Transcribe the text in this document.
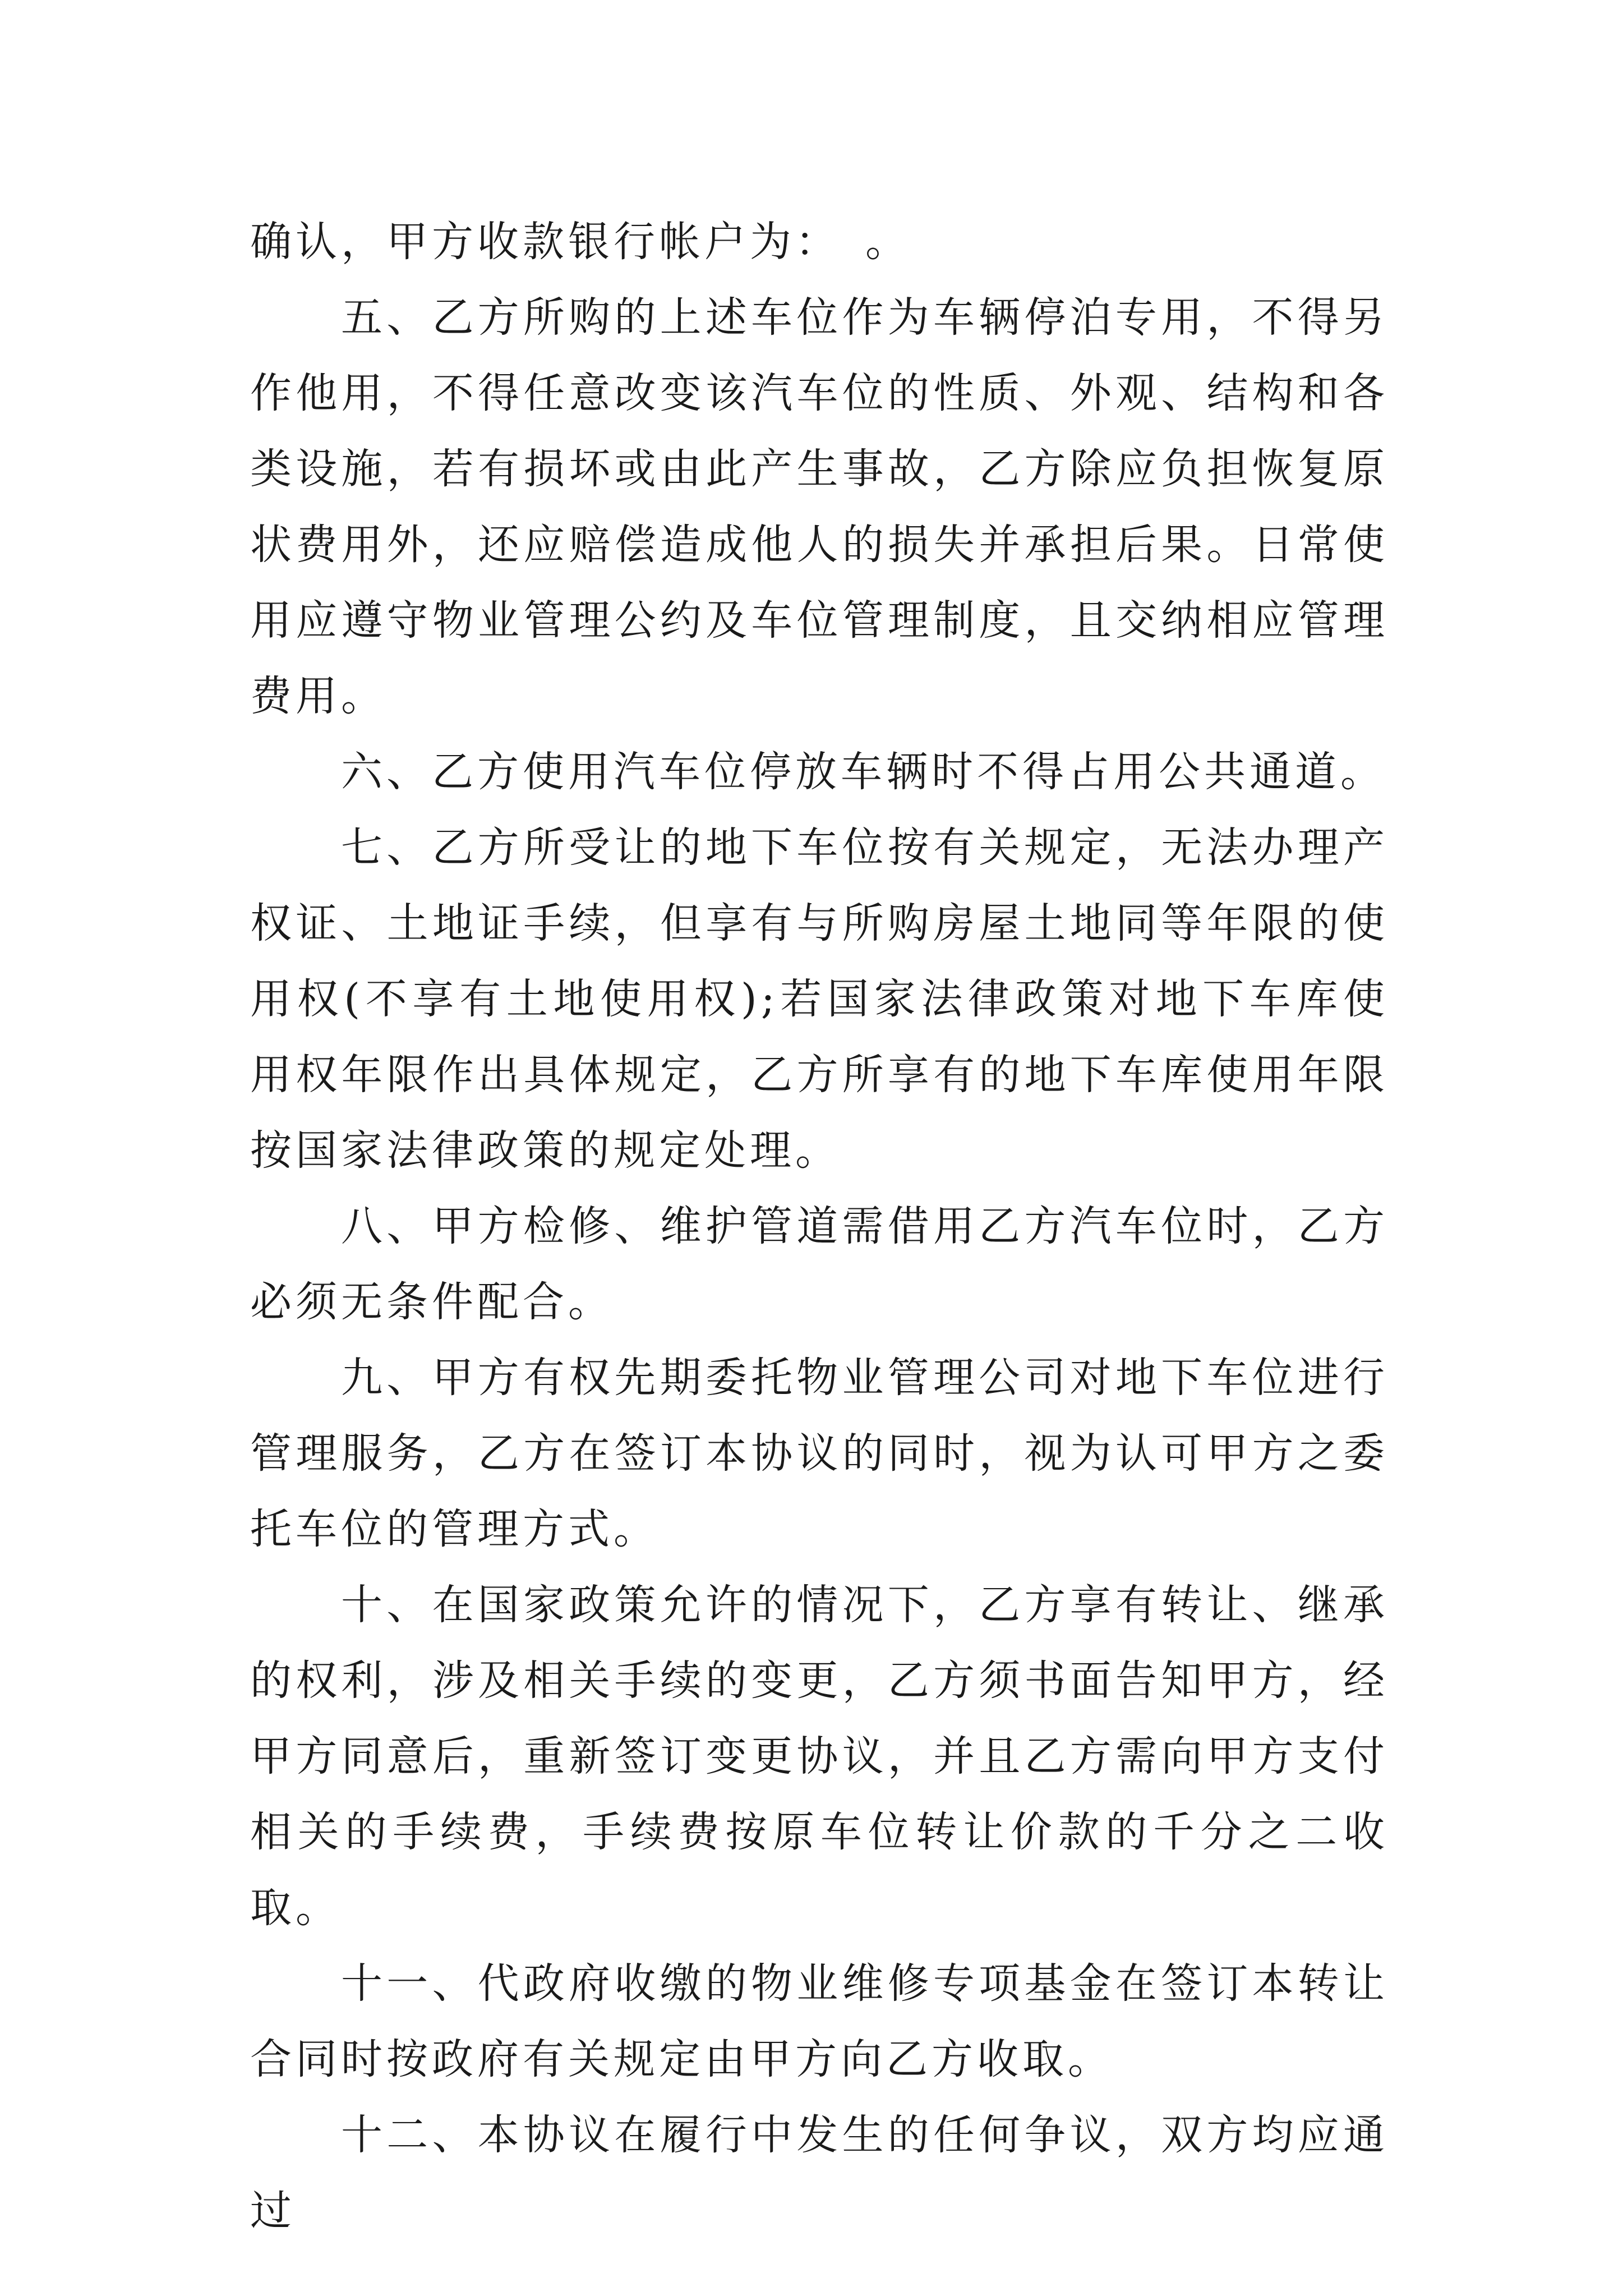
确认，甲方收款银行帐户为：　。

五、乙方所购的上述车位作为车辆停泊专用，不得另作他用，不得任意改变该汽车位的性质、外观、结构和各类设施，若有损坏或由此产生事故，乙方除应负担恢复原状费用外，还应赔偿造成他人的损失并承担后果。日常使用应遵守物业管理公约及车位管理制度，且交纳相应管理费用。

六、乙方使用汽车位停放车辆时不得占用公共通道。

七、乙方所受让的地下车位按有关规定，无法办理产权证、土地证手续，但享有与所购房屋土地同等年限的使用权(不享有土地使用权);若国家法律政策对地下车库使用权年限作出具体规定，乙方所享有的地下车库使用年限按国家法律政策的规定处理。

八、甲方检修、维护管道需借用乙方汽车位时，乙方必须无条件配合。

九、甲方有权先期委托物业管理公司对地下车位进行管理服务，乙方在签订本协议的同时，视为认可甲方之委托车位的管理方式。

十、在国家政策允许的情况下，乙方享有转让、继承的权利，涉及相关手续的变更，乙方须书面告知甲方，经甲方同意后，重新签订变更协议，并且乙方需向甲方支付相关的手续费，手续费按原车位转让价款的千分之二收取。

十一、代政府收缴的物业维修专项基金在签订本转让合同时按政府有关规定由甲方向乙方收取。

十二、本协议在履行中发生的任何争议，双方均应通过
